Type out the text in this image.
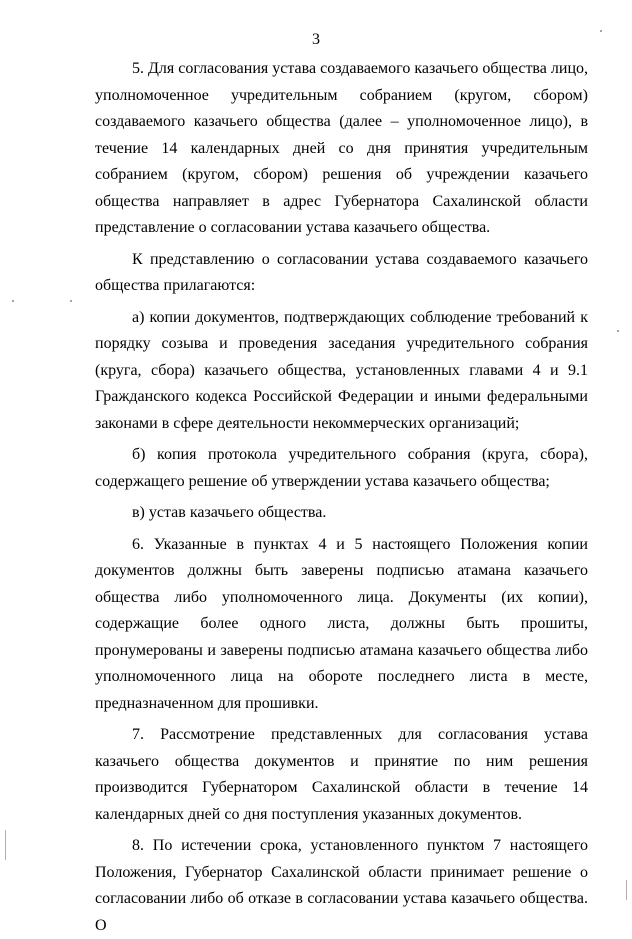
3

5. Для согласования устава создаваемого казачьего общества лицо, уполномоченное учредительным собранием (кругом, сбором) создаваемого казачьего общества (далее – уполномоченное лицо), в течение 14 календарных дней со дня принятия учредительным собранием (кругом, сбором) решения об учреждении казачьего общества направляет в адрес Губернатора Сахалинской области представление о согласовании устава казачьего общества.

К представлению о согласовании устава создаваемого казачьего общества прилагаются:

а) копии документов, подтверждающих соблюдение требований к порядку созыва и проведения заседания учредительного собрания (круга, сбора) казачьего общества, установленных главами 4 и 9.1 Гражданского кодекса Российской Федерации и иными федеральными законами в сфере деятельности некоммерческих организаций;

б) копия протокола учредительного собрания (круга, сбора), содержащего решение об утверждении устава казачьего общества;

в) устав казачьего общества.

6. Указанные в пунктах 4 и 5 настоящего Положения копии документов должны быть заверены подписью атамана казачьего общества либо уполномоченного лица. Документы (их копии), содержащие более одного листа, должны быть прошиты, пронумерованы и заверены подписью атамана казачьего общества либо уполномоченного лица на обороте последнего листа в месте, предназначенном для прошивки.

7. Рассмотрение представленных для согласования устава казачьего общества документов и принятие по ним решения производится Губернатором Сахалинской области в течение 14 календарных дней со дня поступления указанных документов.

8. По истечении срока, установленного пунктом 7 настоящего Положения, Губернатор Сахалинской области принимает решение о согласовании либо об отказе в согласовании устава казачьего общества. О
